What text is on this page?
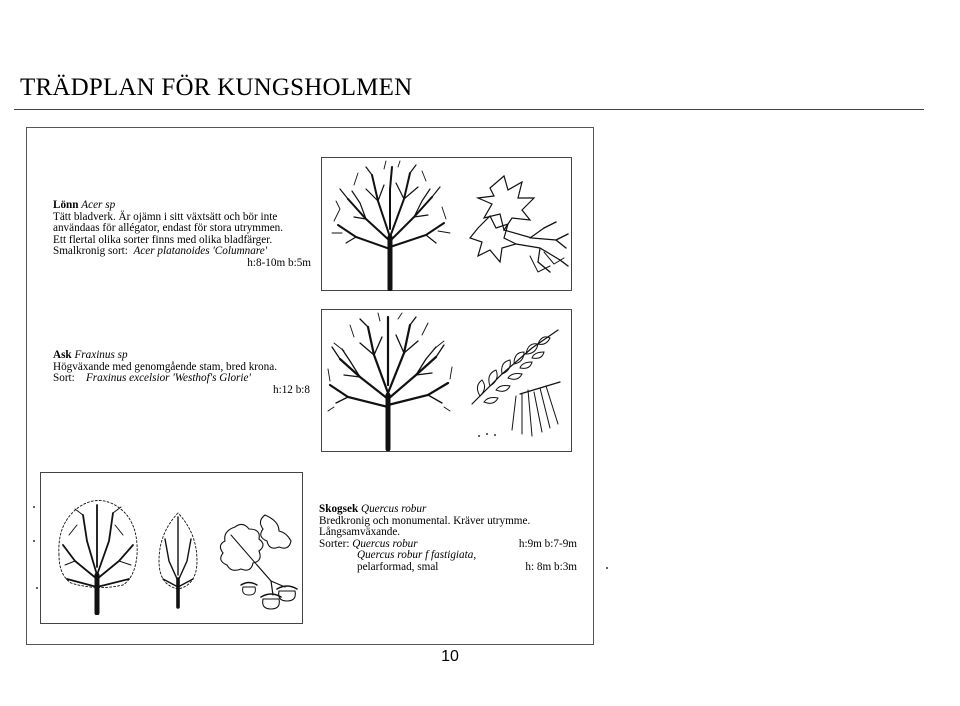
TRÄDPLAN FÖR KUNGSHOLMEN
Lönn Acer sp
Tätt bladverk. Är ojämn i sitt växtsätt och bör inte
användaas för allégator, endast för stora utrymmen.
Ett flertal olika sorter finns med olika bladfärger.
Smalkronig sort: Acer platanoides 'Columnare'
h:8-10m b:5m
Ask Fraxinus sp
Högväxande med genomgående stam, bred krona.
Sort: Fraxinus excelsior 'Westhof's Glorie'
h:12 b:8
Skogsek Quercus robur
Bredkronig och monumental. Kräver utrymme.
Långsamväxande.
Sorter: Quercus robur	h:9m b:7-9m
Quercus robur f fastigiata,
pelarformad, smal	h: 8m b:3m
10
